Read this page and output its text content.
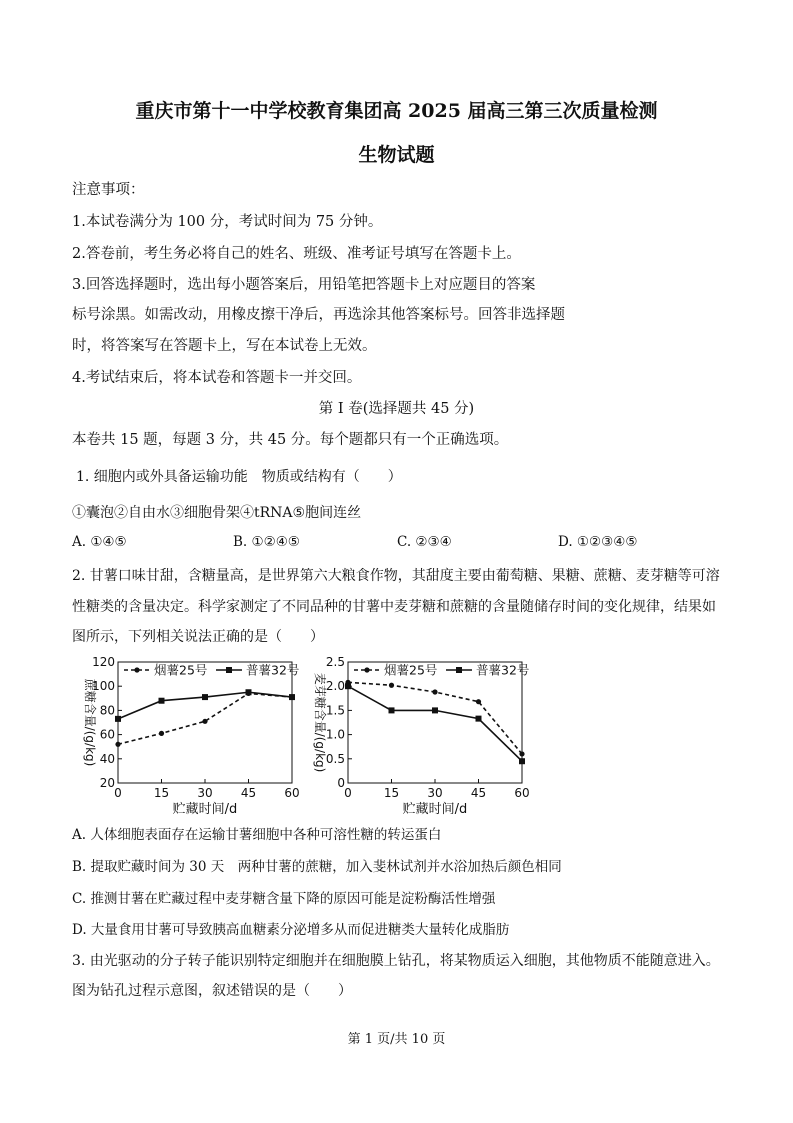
重庆市第十一中学校教育集团高 2025 届高三第三次质量检测
生物试题

注意事项：

1.本试卷满分为 100 分，考试时间为 75 分钟。

2.答卷前，考生务必将自己的姓名、班级、准考证号填写在答题卡上。

3.回答选择题时，选出每小题答案后，用铅笔把答题卡上对应题目的答案

标号涂黑。如需改动，用橡皮擦干净后，再选涂其他答案标号。回答非选择题

时，将答案写在答题卡上，写在本试卷上无效。

4.考试结束后，将本试卷和答题卡一并交回。

第 I 卷(选择题共 45 分)

本卷共 15 题，每题 3 分，共 45 分。每个题都只有一个正确选项。

1. 细胞内或外具备运输功能　物质或结构有（　　）

①囊泡②自由水③细胞骨架④tRNA⑤胞间连丝

A. ①④⑤	B. ①②④⑤	C. ②③④	D. ①②③④⑤

2. 甘薯口味甘甜，含糖量高，是世界第六大粮食作物，其甜度主要由葡萄糖、果糖、蔗糖、麦芽糖等可溶

性糖类的含量决定。科学家测定了不同品种的甘薯中麦芽糖和蔗糖的含量随储存时间的变化规律，结果如

图所示，下列相关说法正确的是（　　）

20
40
60
80
100
120
0	15 30 45 60
贮藏时间/d
蔗糖含量/(g/kg)
烟薯25号	普薯32号
0
0.5
1.0
1.5
2.0
2.5
0	15 30 45 60
贮藏时间/d
麦芽糖含量/(g/kg)
烟薯25号	普薯32号

A. 人体细胞表面存在运输甘薯细胞中各种可溶性糖的转运蛋白

B. 提取贮藏时间为 30 天　两种甘薯的蔗糖，加入斐林试剂并水浴加热后颜色相同

C. 推测甘薯在贮藏过程中麦芽糖含量下降的原因可能是淀粉酶活性增强

D. 大量食用甘薯可导致胰高血糖素分泌增多从而促进糖类大量转化成脂肪

3. 由光驱动的分子转子能识别特定细胞并在细胞膜上钻孔，将某物质运入细胞，其他物质不能随意进入。

图为钻孔过程示意图，叙述错误的是（　　）

第 1 页/共 10 页
